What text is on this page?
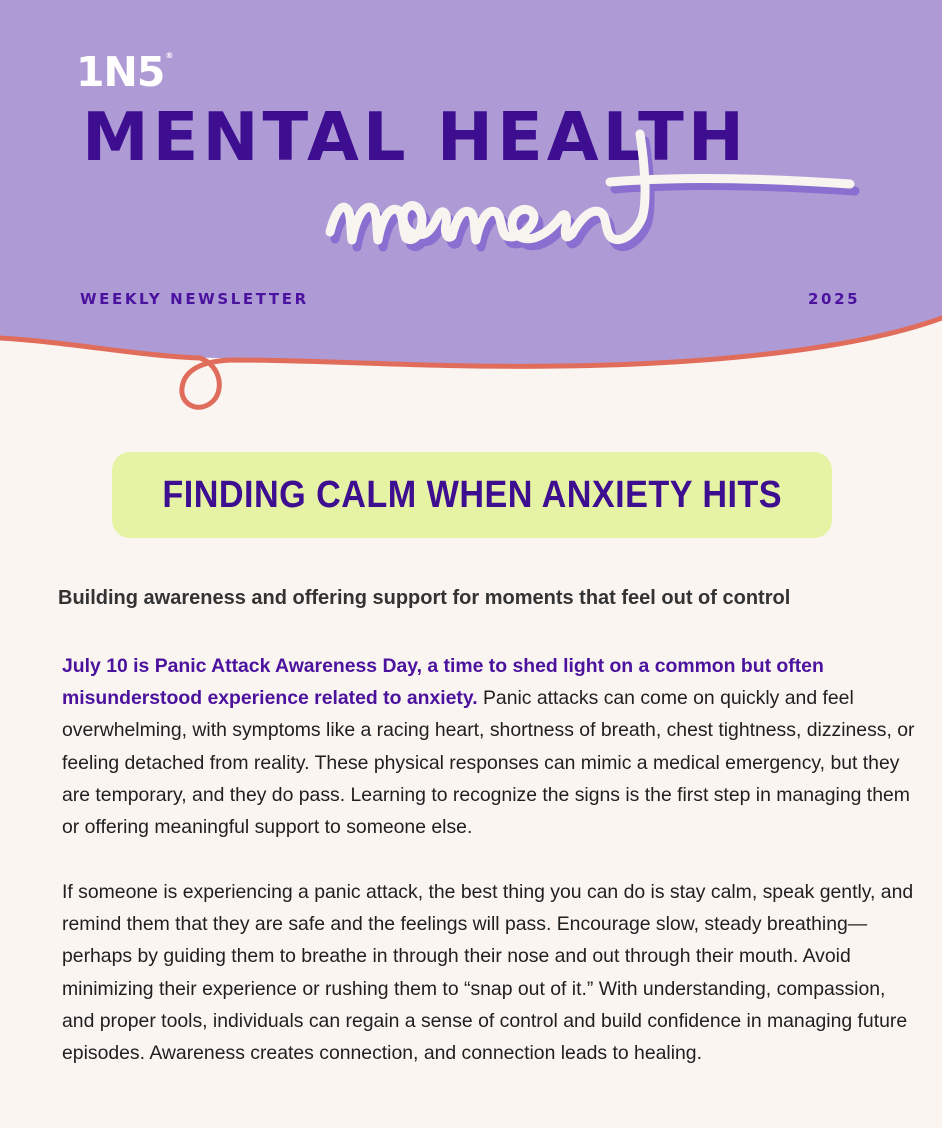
1N5®
MENTAL HEALTH

WEEKLY NEWSLETTER	2025

FINDING CALM WHEN ANXIETY HITS

Building awareness and offering support for moments that feel out of control

July 10 is Panic Attack Awareness Day, a time to shed light on a common but often misunderstood experience related to anxiety. Panic attacks can come on quickly and feel overwhelming, with symptoms like a racing heart, shortness of breath, chest tightness, dizziness, or feeling detached from reality. These physical responses can mimic a medical emergency, but they are temporary, and they do pass. Learning to recognize the signs is the first step in managing them or offering meaningful support to someone else.

If someone is experiencing a panic attack, the best thing you can do is stay calm, speak gently, and remind them that they are safe and the feelings will pass. Encourage slow, steady breathing—perhaps by guiding them to breathe in through their nose and out through their mouth. Avoid minimizing their experience or rushing them to “snap out of it.” With understanding, compassion, and proper tools, individuals can regain a sense of control and build confidence in managing future episodes. Awareness creates connection, and connection leads to healing.
